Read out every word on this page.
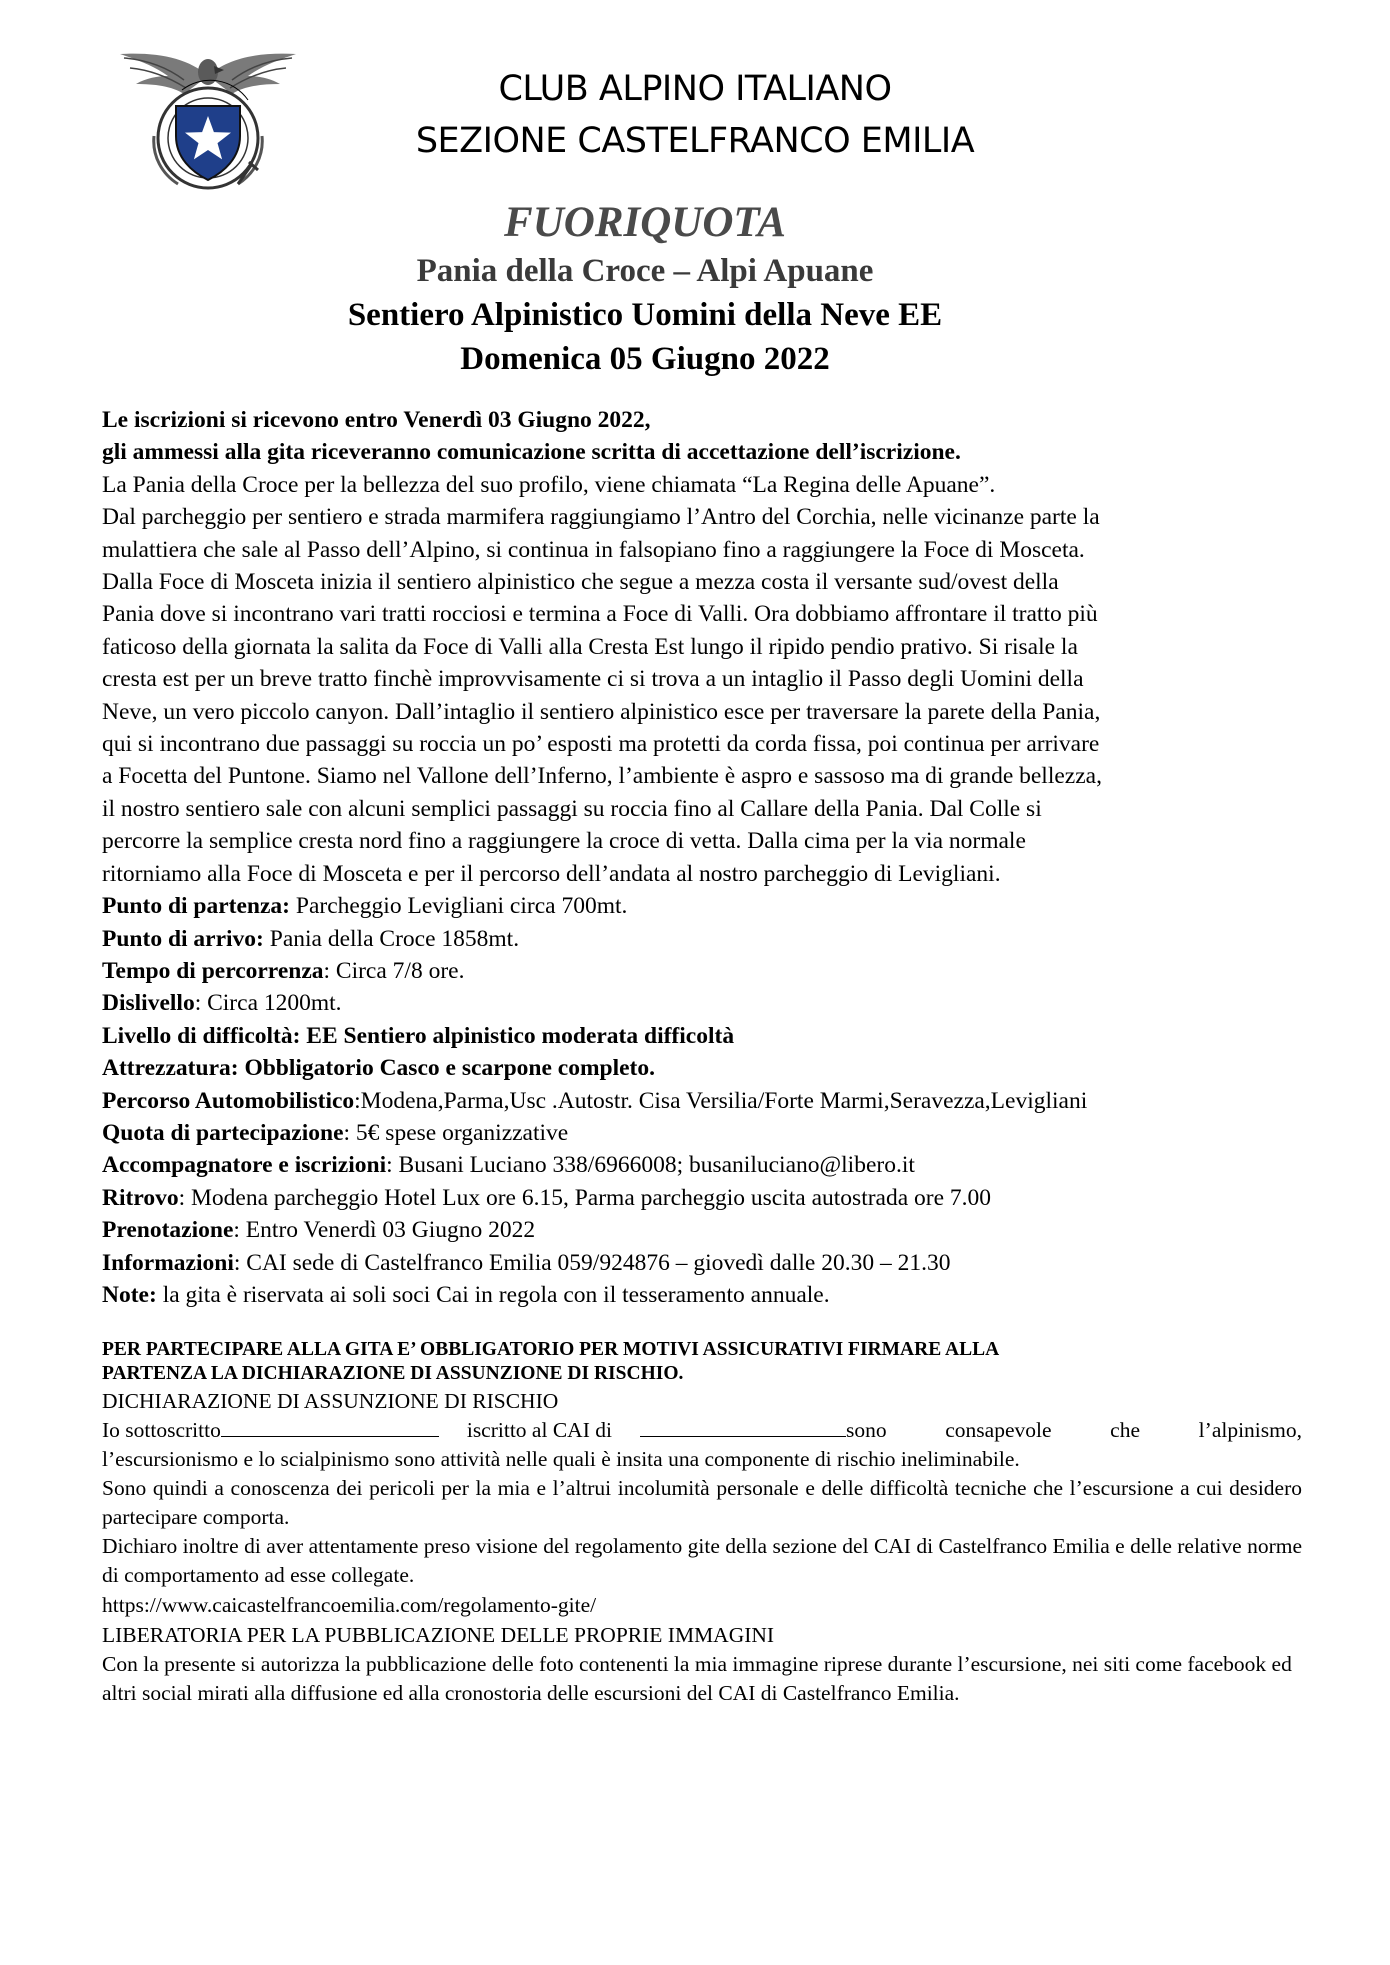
CLUB ALPINO ITALIANO
SEZIONE CASTELFRANCO EMILIA
FUORIQUOTA
Pania della Croce – Alpi Apuane
Sentiero Alpinistico Uomini della Neve EE
Domenica 05 Giugno 2022

Le iscrizioni si ricevono entro Venerdì 03 Giugno 2022,

gli ammessi alla gita riceveranno comunicazione scritta di accettazione dell’iscrizione.

La Pania della Croce per la bellezza del suo profilo, viene chiamata “La Regina delle Apuane”.

Dal parcheggio per sentiero e strada marmifera raggiungiamo l’Antro del Corchia, nelle vicinanze parte la

mulattiera che sale al Passo dell’Alpino, si continua in falsopiano fino a raggiungere la Foce di Mosceta.

Dalla Foce di Mosceta inizia il sentiero alpinistico che segue a mezza costa il versante sud/ovest della

Pania dove si incontrano vari tratti rocciosi e termina a Foce di Valli. Ora dobbiamo affrontare il tratto più

faticoso della giornata la salita da Foce di Valli alla Cresta Est lungo il ripido pendio prativo. Si risale la

cresta est per un breve tratto finchè improvvisamente ci si trova a un intaglio il Passo degli Uomini della

Neve, un vero piccolo canyon. Dall’intaglio il sentiero alpinistico esce per traversare la parete della Pania,

qui si incontrano due passaggi su roccia un po’ esposti ma protetti da corda fissa, poi continua per arrivare

a Focetta del Puntone. Siamo nel Vallone dell’Inferno, l’ambiente è aspro e sassoso ma di grande bellezza,

il nostro sentiero sale con alcuni semplici passaggi su roccia fino al Callare della Pania. Dal Colle si

percorre la semplice cresta nord fino a raggiungere la croce di vetta. Dalla cima per la via normale

ritorniamo alla Foce di Mosceta e per il percorso dell’andata al nostro parcheggio di Levigliani.

Punto di partenza: Parcheggio Levigliani circa 700mt.

Punto di arrivo: Pania della Croce 1858mt.

Tempo di percorrenza: Circa 7/8 ore.

Dislivello: Circa 1200mt.

Livello di difficoltà: EE Sentiero alpinistico moderata difficoltà

Attrezzatura: Obbligatorio Casco e scarpone completo.

Percorso Automobilistico:Modena,Parma,Usc .Autostr. Cisa Versilia/Forte Marmi,Seravezza,Levigliani

Quota di partecipazione: 5€ spese organizzative

Accompagnatore e iscrizioni: Busani Luciano 338/6966008; busaniluciano@libero.it

Ritrovo: Modena parcheggio Hotel Lux ore 6.15, Parma parcheggio uscita autostrada ore 7.00

Prenotazione: Entro Venerdì 03 Giugno 2022

Informazioni: CAI sede di Castelfranco Emilia 059/924876 – giovedì dalle 20.30 – 21.30

Note: la gita è riservata ai soli soci Cai in regola con il tesseramento annuale.

PER PARTECIPARE ALLA GITA E’ OBBLIGATORIO PER MOTIVI ASSICURATIVI FIRMARE ALLA

PARTENZA LA DICHIARAZIONE DI ASSUNZIONE DI RISCHIO.

DICHIARAZIONE DI ASSUNZIONE DI RISCHIO

Io sottoscritto	iscritto al CAI di	sono consapevole che l’alpinismo,

l’escursionismo e lo scialpinismo sono attività nelle quali è insita una componente di rischio ineliminabile.

Sono quindi a conoscenza dei pericoli per la mia e l’altrui incolumità personale e delle difficoltà tecniche che l’escursione a cui desidero partecipare comporta.

Dichiaro inoltre di aver attentamente preso visione del regolamento gite della sezione del CAI di Castelfranco Emilia e delle relative norme di comportamento ad esse collegate.

https://www.caicastelfrancoemilia.com/regolamento-gite/

LIBERATORIA PER LA PUBBLICAZIONE DELLE PROPRIE IMMAGINI

Con la presente si autorizza la pubblicazione delle foto contenenti la mia immagine riprese durante l’escursione, nei siti come facebook ed altri social mirati alla diffusione ed alla cronostoria delle escursioni del CAI di Castelfranco Emilia.
